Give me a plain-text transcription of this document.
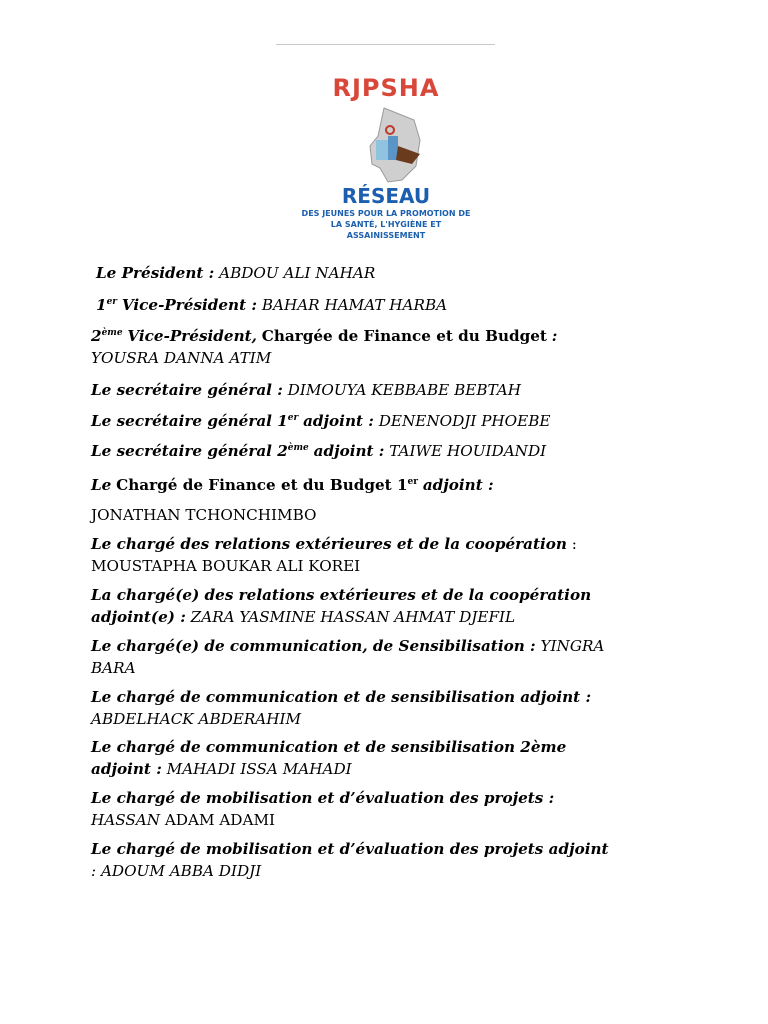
RJPSHA
RÉSEAU
DES JEUNES POUR LA PROMOTION DE
LA SANTÉ, L'HYGIÈNE ET
ASSAINISSEMENT
Le Président : ABDOU ALI NAHAR
1er Vice-Président : BAHAR HAMAT HARBA
2ème Vice-Président, Chargée de Finance et du Budget :
YOUSRA DANNA ATIM
Le secrétaire général : DIMOUYA KEBBABE BEBTAH
Le secrétaire général 1er adjoint : DENENODJI PHOEBE
Le secrétaire général 2ème adjoint : TAIWE HOUIDANDI
Le Chargé de Finance et du Budget 1er adjoint :
JONATHAN TCHONCHIMBO
Le chargé des relations extérieures et de la coopération :
MOUSTAPHA BOUKAR ALI KOREI
La chargé(e) des relations extérieures et de la coopération
adjoint(e) : ZARA YASMINE HASSAN AHMAT DJEFIL
Le chargé(e) de communication, de Sensibilisation : YINGRA
BARA
Le chargé de communication et de sensibilisation adjoint :
ABDELHACK ABDERAHIM
Le chargé de communication et de sensibilisation 2ème
adjoint : MAHADI ISSA MAHADI
Le chargé de mobilisation et d’évaluation des projets :
HASSAN ADAM ADAMI
Le chargé de mobilisation et d’évaluation des projets adjoint
: ADOUM ABBA DIDJI
